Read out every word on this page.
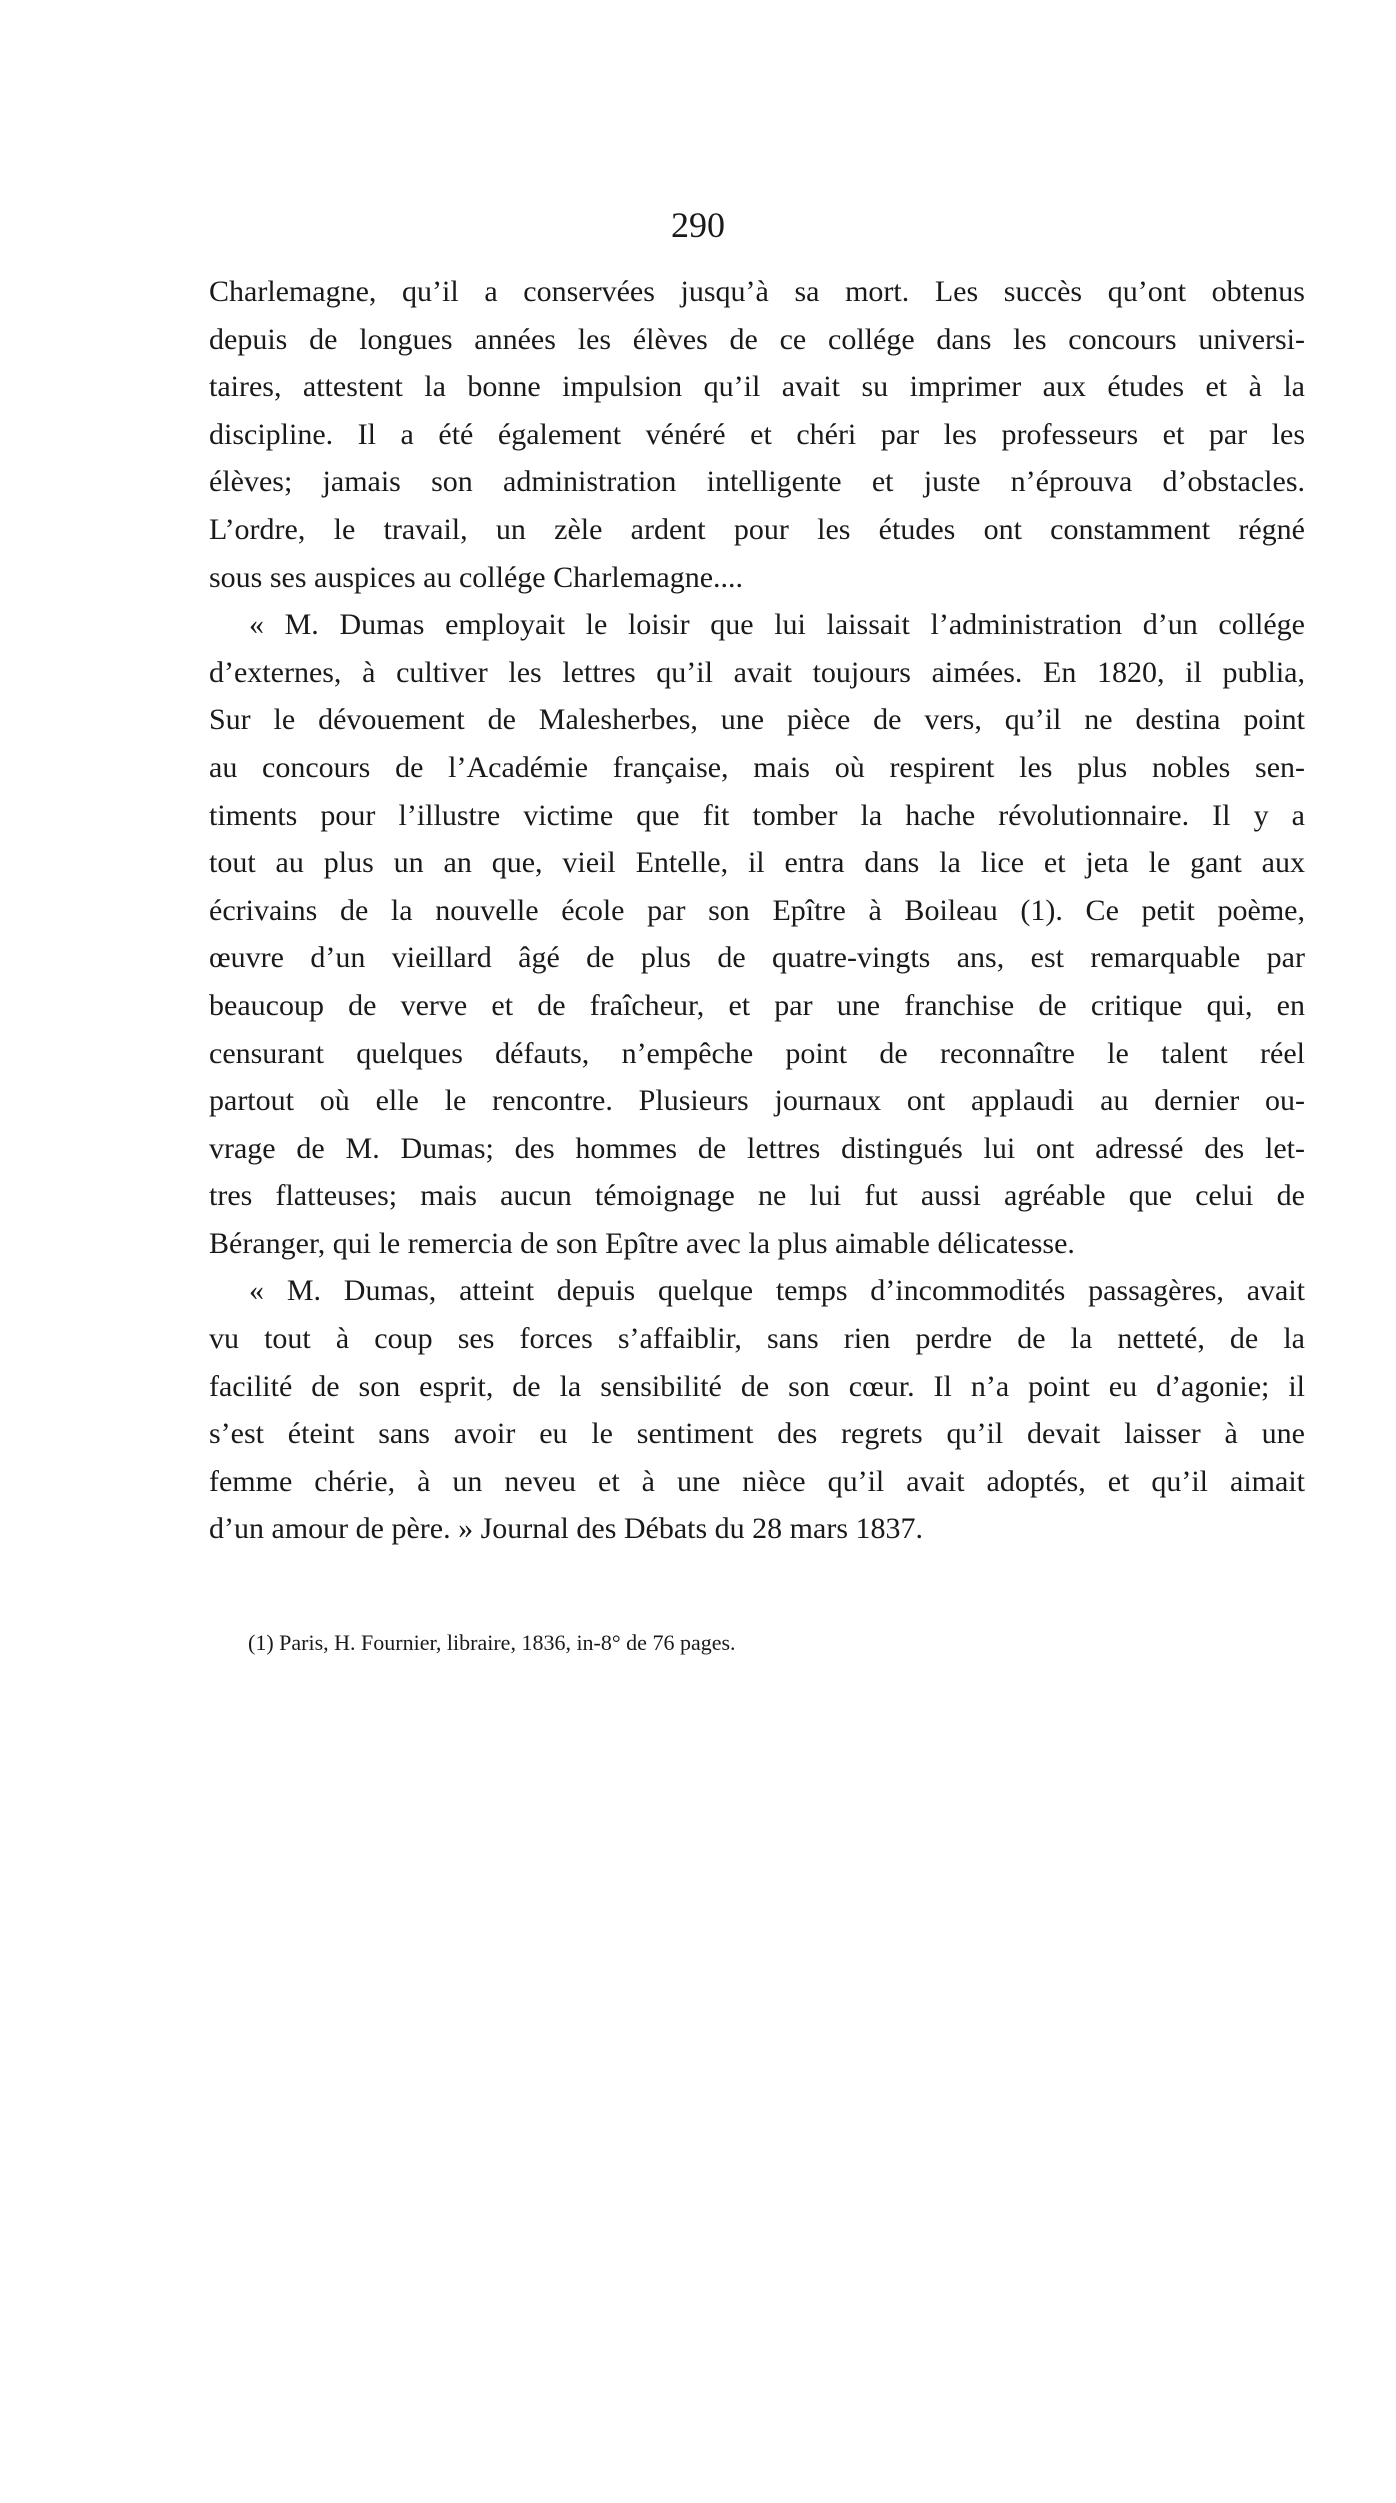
290

Charlemagne, qu’il a conservées jusqu’à sa mort. Les succès qu’ont obtenus
depuis de longues années les élèves de ce collége dans les concours universi-
taires, attestent la bonne impulsion qu’il avait su imprimer aux études et à la
discipline. Il a été également vénéré et chéri par les professeurs et par les
élèves; jamais son administration intelligente et juste n’éprouva d’obstacles.
L’ordre, le travail, un zèle ardent pour les études ont constamment régné
sous ses auspices au collége Charlemagne....

« M. Dumas employait le loisir que lui laissait l’administration d’un collége
d’externes, à cultiver les lettres qu’il avait toujours aimées. En 1820, il publia,
Sur le dévouement de Malesherbes, une pièce de vers, qu’il ne destina point
au concours de l’Académie française, mais où respirent les plus nobles sen-
timents pour l’illustre victime que fit tomber la hache révolutionnaire. Il y a
tout au plus un an que, vieil Entelle, il entra dans la lice et jeta le gant aux
écrivains de la nouvelle école par son Epître à Boileau (1). Ce petit poème,
œuvre d’un vieillard âgé de plus de quatre-vingts ans, est remarquable par
beaucoup de verve et de fraîcheur, et par une franchise de critique qui, en
censurant quelques défauts, n’empêche point de reconnaître le talent réel
partout où elle le rencontre. Plusieurs journaux ont applaudi au dernier ou-
vrage de M. Dumas; des hommes de lettres distingués lui ont adressé des let-
tres flatteuses; mais aucun témoignage ne lui fut aussi agréable que celui de
Béranger, qui le remercia de son Epître avec la plus aimable délicatesse.

« M. Dumas, atteint depuis quelque temps d’incommodités passagères, avait
vu tout à coup ses forces s’affaiblir, sans rien perdre de la netteté, de la
facilité de son esprit, de la sensibilité de son cœur. Il n’a point eu d’agonie; il
s’est éteint sans avoir eu le sentiment des regrets qu’il devait laisser à une
femme chérie, à un neveu et à une nièce qu’il avait adoptés, et qu’il aimait
d’un amour de père. » Journal des Débats du 28 mars 1837.

(1) Paris, H. Fournier, libraire, 1836, in-8° de 76 pages.
